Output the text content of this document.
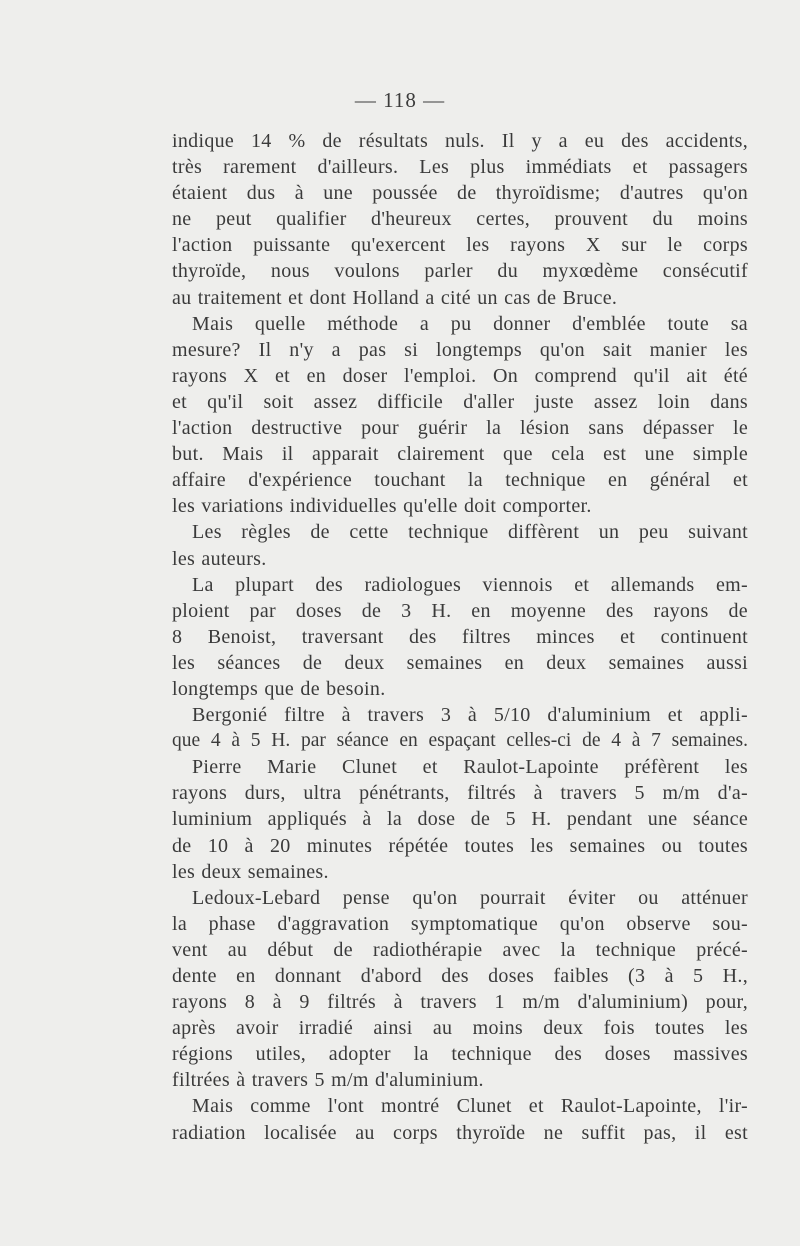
— 118 —
indique 14 % de résultats nuls. Il y a eu des accidents,
très rarement d'ailleurs. Les plus immédiats et passagers
étaient dus à une poussée de thyroïdisme; d'autres qu'on
ne peut qualifier d'heureux certes, prouvent du moins
l'action puissante qu'exercent les rayons X sur le corps
thyroïde, nous voulons parler du myxœdème consécutif
au traitement et dont Holland a cité un cas de Bruce.
Mais quelle méthode a pu donner d'emblée toute sa
mesure? Il n'y a pas si longtemps qu'on sait manier les
rayons X et en doser l'emploi. On comprend qu'il ait été
et qu'il soit assez difficile d'aller juste assez loin dans
l'action destructive pour guérir la lésion sans dépasser le
but. Mais il apparait clairement que cela est une simple
affaire d'expérience touchant la technique en général et
les variations individuelles qu'elle doit comporter.
Les règles de cette technique diffèrent un peu suivant
les auteurs.
La plupart des radiologues viennois et allemands em-
ploient par doses de 3 H. en moyenne des rayons de
8 Benoist, traversant des filtres minces et continuent
les séances de deux semaines en deux semaines aussi
longtemps que de besoin.
Bergonié filtre à travers 3 à 5/10 d'aluminium et appli-
que 4 à 5 H. par séance en espaçant celles-ci de 4 à 7 semaines.
Pierre Marie Clunet et Raulot-Lapointe préfèrent les
rayons durs, ultra pénétrants, filtrés à travers 5 m/m d'a-
luminium appliqués à la dose de 5 H. pendant une séance
de 10 à 20 minutes répétée toutes les semaines ou toutes
les deux semaines.
Ledoux-Lebard pense qu'on pourrait éviter ou atténuer
la phase d'aggravation symptomatique qu'on observe sou-
vent au début de radiothérapie avec la technique précé-
dente en donnant d'abord des doses faibles (3 à 5 H.,
rayons 8 à 9 filtrés à travers 1 m/m d'aluminium) pour,
après avoir irradié ainsi au moins deux fois toutes les
régions utiles, adopter la technique des doses massives
filtrées à travers 5 m/m d'aluminium.
Mais comme l'ont montré Clunet et Raulot-Lapointe, l'ir-
radiation localisée au corps thyroïde ne suffit pas, il est
